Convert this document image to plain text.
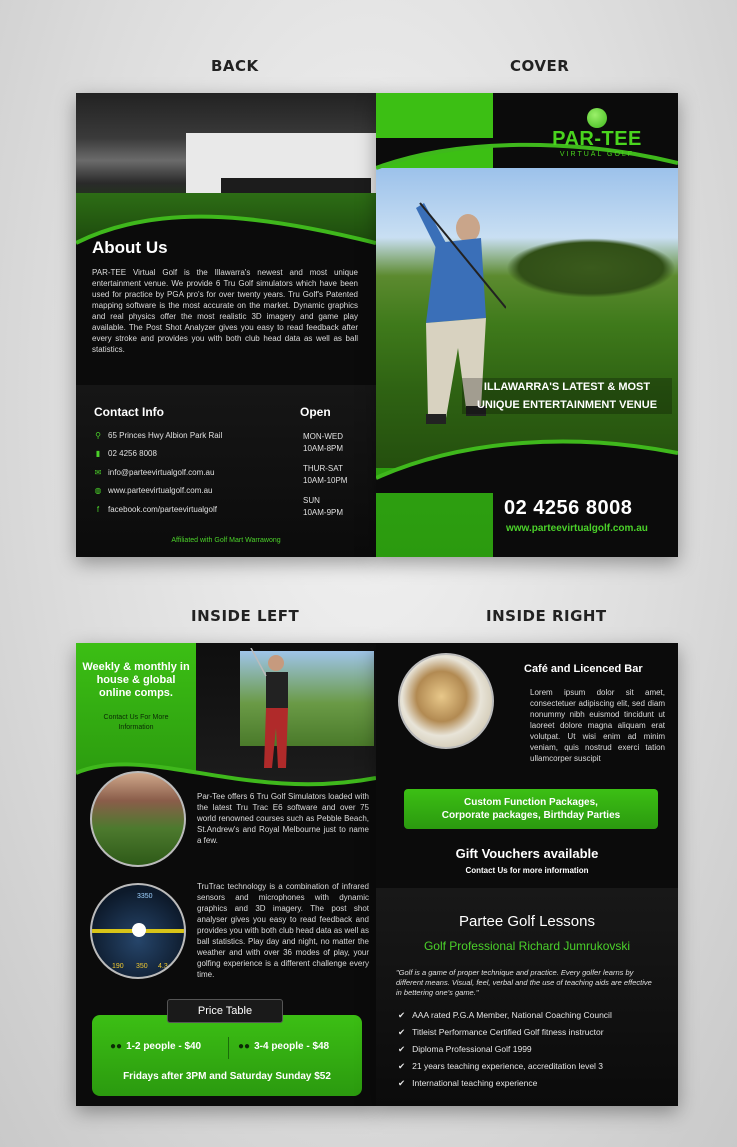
BACK	COVER
INSIDE LEFT	INSIDE RIGHT
About Us
PAR-TEE Virtual Golf is the Illawarra's newest and most unique entertainment venue. We provide 6 Tru Golf simulators which have been used for practice by PGA pro's for over twenty years. Tru Golf's Patented mapping software is the most accurate on the market. Dynamic graphics and real physics offer the most realistic 3D imagery and game play available. The Post Shot Analyzer gives you easy to read feedback after every stroke and provides you with both club head data as well as ball statistics.
Contact Info
⚲ 65 Princes Hwy Albion Park Rail
▮ 02 4256 8008
✉ info@parteevirtualgolf.com.au
◍ www.parteevirtualgolf.com.au
f	facebook.com/parteevirtualgolf
Open
MON-WED
10AM-8PM
THUR-SAT
10AM-10PM
SUN
10AM-9PM
Affiliated with Golf Mart Warrawong
PAR-TEE
VIRTUAL GOLF
ILLAWARRA'S LATEST & MOST
UNIQUE ENTERTAINMENT VENUE
02 4256 8008
www.parteevirtualgolf.com.au
Weekly & monthly in house & global online comps.
Contact Us For More Information
Par-Tee offers 6 Tru Golf Simulators loaded with the latest Tru Trac E6 software and over 75 world renowned courses such as Pebble Beach, St.Andrew's and Royal Melbourne just to name a few.
3350
190 350 4.3
TruTrac technology is a combination of infrared sensors and microphones with dynamic graphics and 3D imagery. The post shot analyser gives you easy to read feedback and provides you with both club head data as well as ball statistics. Play day and night, no matter the weather and with over 36 modes of play, your golfing experience is a different challenge every time.
Price Table
●● 1-2 people - $40	●● 3-4 people - $48
Fridays after 3PM and Saturday Sunday $52
Café and Licenced Bar
Lorem ipsum dolor sit amet, consectetuer adipiscing elit, sed diam nonummy nibh euismod tincidunt ut laoreet dolore magna aliquam erat volutpat. Ut wisi enim ad minim veniam, quis nostrud exerci tation ullamcorper suscipit
Custom Function Packages,
Corporate packages, Birthday Parties
Gift Vouchers available
Contact Us for more information
Partee Golf Lessons
Golf Professional Richard Jumrukovski
"Golf is a game of proper technique and practice. Every golfer learns by different means. Visual, feel, verbal and the use of teaching aids are effective in bettering one's game."
✔ AAA rated P.G.A Member, National Coaching Council
✔ Titleist Performance Certified Golf fitness instructor
✔ Diploma Professional Golf 1999
✔ 21 years teaching experience, accreditation level 3
✔ International teaching experience
